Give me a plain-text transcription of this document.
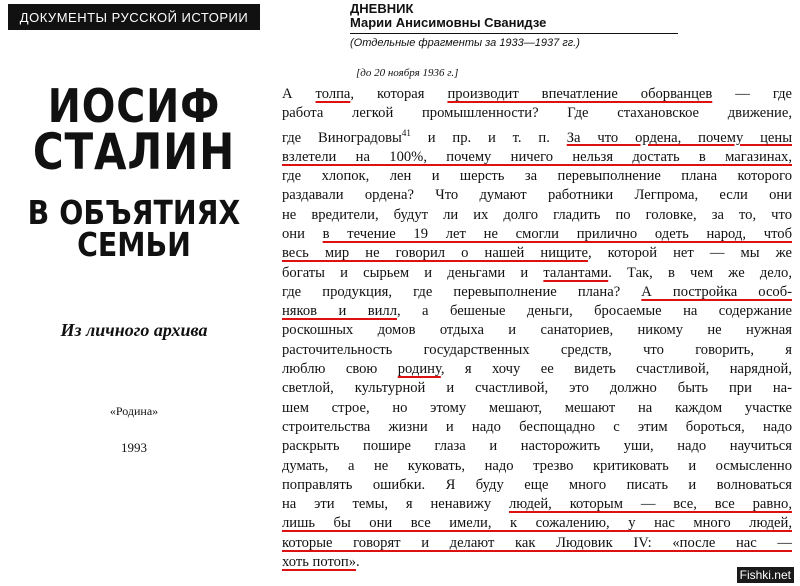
ДОКУМЕНТЫ РУССКОЙ ИСТОРИИ
ИОСИФ
СТАЛИН
В ОБЪЯТИЯХ
СЕМЬИ
Из личного архива
«Родина»
1993
ДНЕВНИК
Марии Анисимовны Сванидзе
(Отдельные фрагменты за 1933—1937 гг.)
[до 20 ноября 1936 г.]
А толпа, которая производит впечатление оборванцев — где
работа легкой промышленности? Где стахановское движение,
где Виноградовы$^{41}$ и пр. и т. п. За что ордена, почему цены
взлетели на 100%, почему ничего нельзя достать в магазинах,
где хлопок, лен и шерсть за перевыполнение плана которого
раздавали ордена? Что думают работники Легпрома, если они
не вредители, будут ли их долго гладить по головке, за то, что
они в течение 19 лет не смогли прилично одеть народ, чтоб
весь мир не говорил о нашей нищите, которой нет — мы же
богаты и сырьем и деньгами и талантами. Так, в чем же дело,
где продукция, где перевыполнение плана? А постройка особ-
няков и вилл, а бешеные деньги, бросаемые на содержание
роскошных домов отдыха и санаториев, никому не нужная
расточительность государственных средств, что говорить, я
люблю свою родину, я хочу ее видеть счастливой, нарядной,
светлой, культурной и счастливой, это должно быть при на-
шем строе, но этому мешают, мешают на каждом участке
строительства жизни и надо беспощадно с этим бороться, надо
раскрыть пошире глаза и насторожить уши, надо научиться
думать, а не куковать, надо трезво критиковать и осмысленно
поправлять ошибки. Я буду еще много писать и волноваться
на эти темы, я ненавижу людей, которым — все, все равно,
лишь бы они все имели, к сожалению, у нас много людей,
которые говорят и делают как Людовик IV: «после нас —
хоть потоп».
Fishki.net
